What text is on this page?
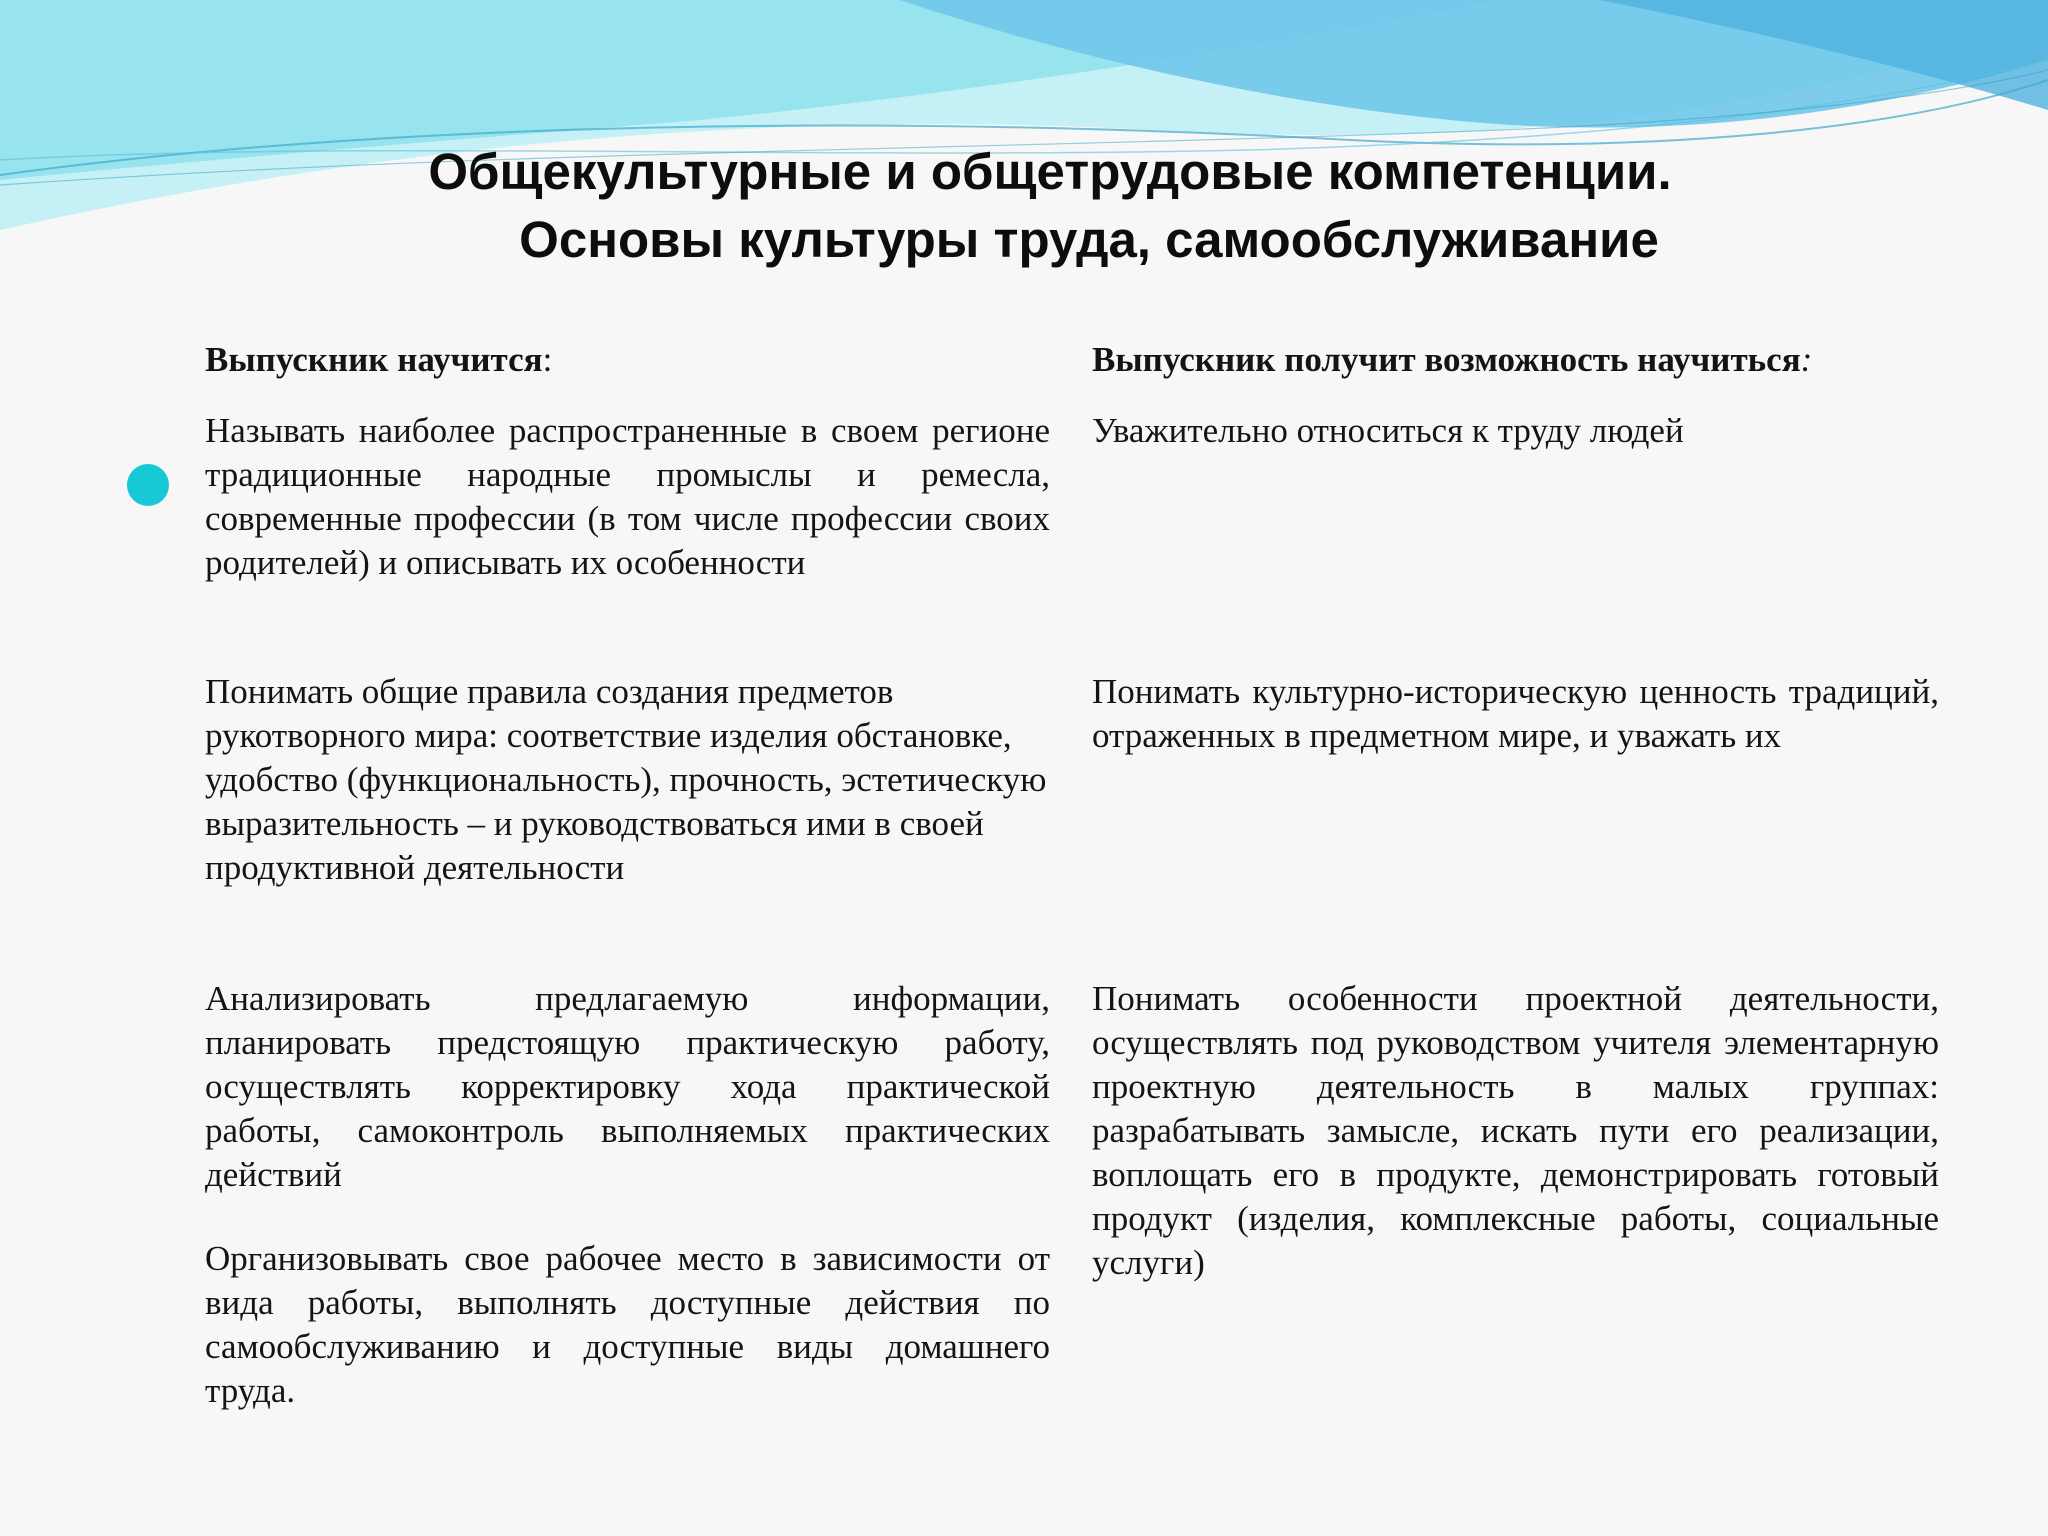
Общекультурные и общетрудовые компетенции.
Основы культуры труда, самообслуживание
Выпускник научится:	Выпускник получит возможность научиться:
Называть наиболее распространенные в своем регионе традиционные народные промыслы и ремесла, современные профессии (в том числе профессии своих родителей) и описывать их особенности
Понимать общие правила создания предметов рукотворного мира: соответствие изделия обстановке, удобство (функциональность), прочность, эстетическую выразительность – и руководствоваться ими в своей продуктивной деятельности
Анализировать предлагаемую информации, планировать предстоящую практическую работу, осуществлять корректировку хода практической работы, самоконтроль выполняемых практических действий
Организовывать свое рабочее место в зависимости от вида работы, выполнять доступные действия по самообслуживанию и доступные виды домашнего труда.
Уважительно относиться к труду людей
Понимать культурно-историческую ценность традиций, отраженных в предметном мире, и уважать их
Понимать особенности проектной деятельности, осуществлять под руководством учителя элементарную проектную деятельность в малых группах: разрабатывать замысле, искать пути его реализации, воплощать его в продукте, демонстрировать готовый продукт (изделия, комплексные работы, социальные услуги)
